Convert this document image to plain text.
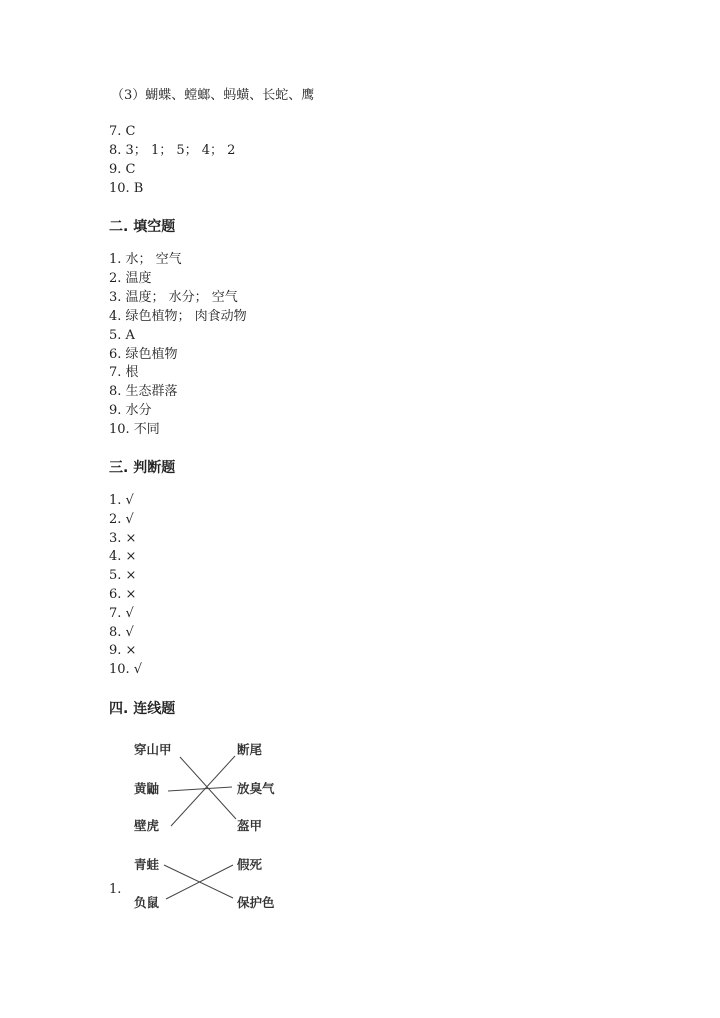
（3）蝴蝶、螳螂、蚂蟥、长蛇、鹰
7. C
8. 3； 1； 5； 4； 2
9. C
10. B
二. 填空题
1. 水； 空气
2. 温度
3. 温度； 水分； 空气
4. 绿色植物； 肉食动物
5. A
6. 绿色植物
7. 根
8. 生态群落
9. 水分
10. 不同
三. 判断题
1. √
2. √
3. ×
4. ×
5. ×
6. ×
7. √
8. √
9. ×
10. √
四. 连线题
穿山甲
黄鼬
壁虎
断尾
放臭气
盔甲
青蛙
负鼠
假死
保护色
1.
